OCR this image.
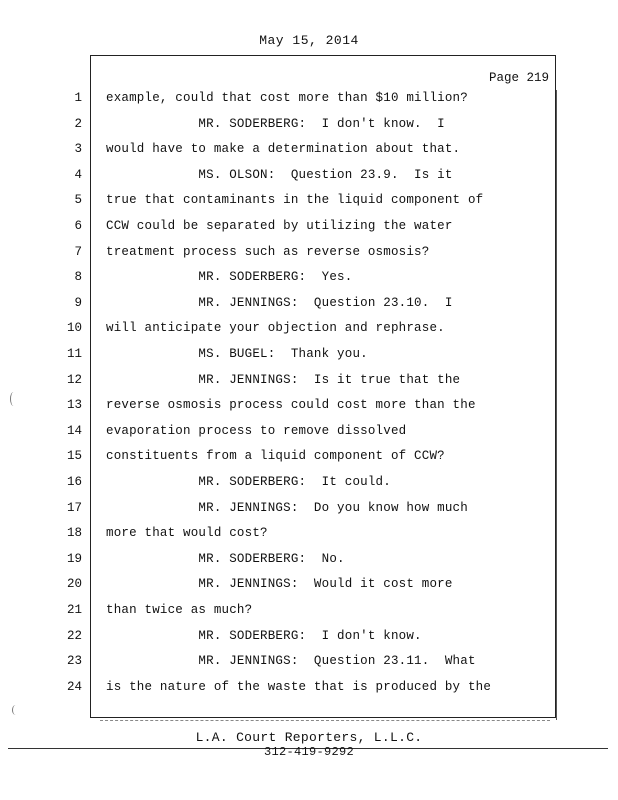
May 15, 2014
Page 219
1 example, could that cost more than $10 million?
2 MR. SODERBERG:  I don't know.  I
3 would have to make a determination about that.
4 MS. OLSON:  Question 23.9.  Is it
5 true that contaminants in the liquid component of
6 CCW could be separated by utilizing the water
7 treatment process such as reverse osmosis?
8 MR. SODERBERG:  Yes.
9 MR. JENNINGS:  Question 23.10.  I
10 will anticipate your objection and rephrase.
11 MS. BUGEL:  Thank you.
12 MR. JENNINGS:  Is it true that the
13 reverse osmosis process could cost more than the
14 evaporation process to remove dissolved
15 constituents from a liquid component of CCW?
16 MR. SODERBERG:  It could.
17 MR. JENNINGS:  Do you know how much
18 more that would cost?
19 MR. SODERBERG:  No.
20 MR. JENNINGS:  Would it cost more
21 than twice as much?
22 MR. SODERBERG:  I don't know.
23 MR. JENNINGS:  Question 23.11.  What
24 is the nature of the waste that is produced by the
L.A. Court Reporters, L.L.C.
312-419-9292
